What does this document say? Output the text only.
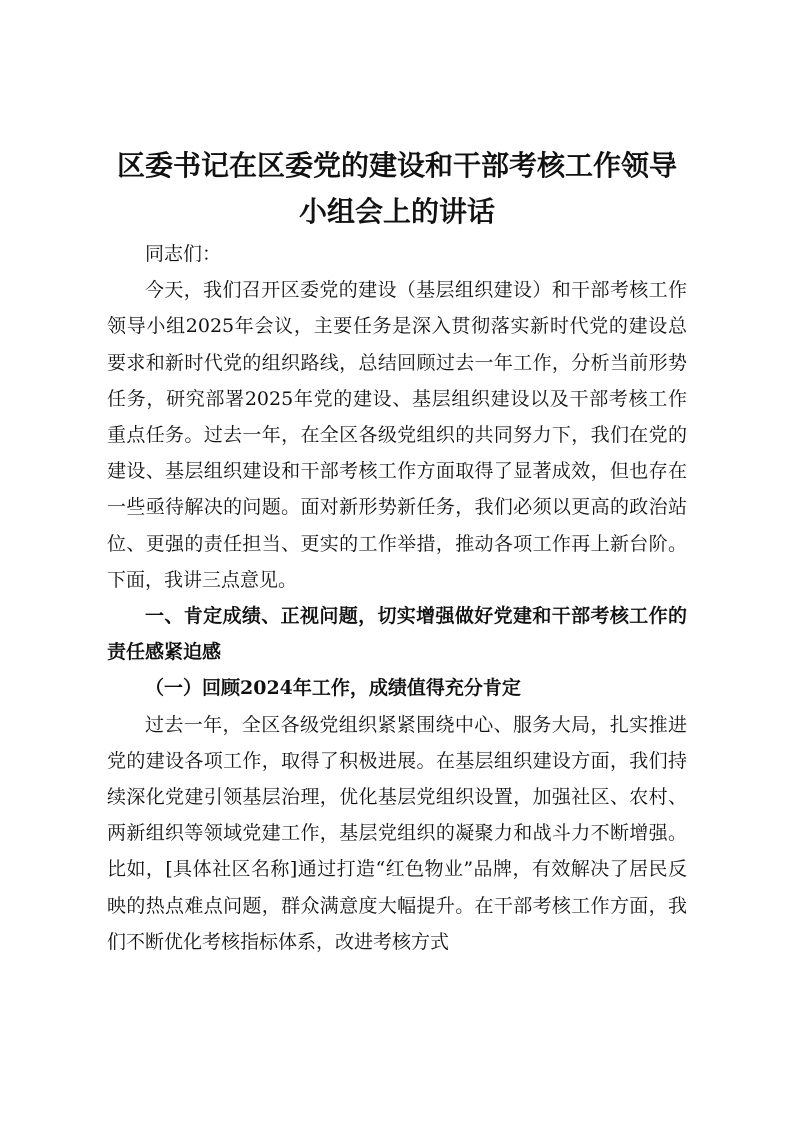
区委书记在区委党的建设和干部考核工作领导小组会上的讲话

同志们：

今天，我们召开区委党的建设（基层组织建设）和干部考核工作领导小组2025年会议，主要任务是深入贯彻落实新时代党的建设总要求和新时代党的组织路线，总结回顾过去一年工作，分析当前形势任务，研究部署2025年党的建设、基层组织建设以及干部考核工作重点任务。过去一年，在全区各级党组织的共同努力下，我们在党的建设、基层组织建设和干部考核工作方面取得了显著成效，但也存在一些亟待解决的问题。面对新形势新任务，我们必须以更高的政治站位、更强的责任担当、更实的工作举措，推动各项工作再上新台阶。下面，我讲三点意见。

一、肯定成绩、正视问题，切实增强做好党建和干部考核工作的责任感紧迫感

（一）回顾2024年工作，成绩值得充分肯定

过去一年，全区各级党组织紧紧围绕中心、服务大局，扎实推进党的建设各项工作，取得了积极进展。在基层组织建设方面，我们持续深化党建引领基层治理，优化基层党组织设置，加强社区、农村、两新组织等领域党建工作，基层党组织的凝聚力和战斗力不断增强。比如，[具体社区名称]通过打造“红色物业”品牌，有效解决了居民反映的热点难点问题，群众满意度大幅提升。在干部考核工作方面，我们不断优化考核指标体系，改进考核方式
